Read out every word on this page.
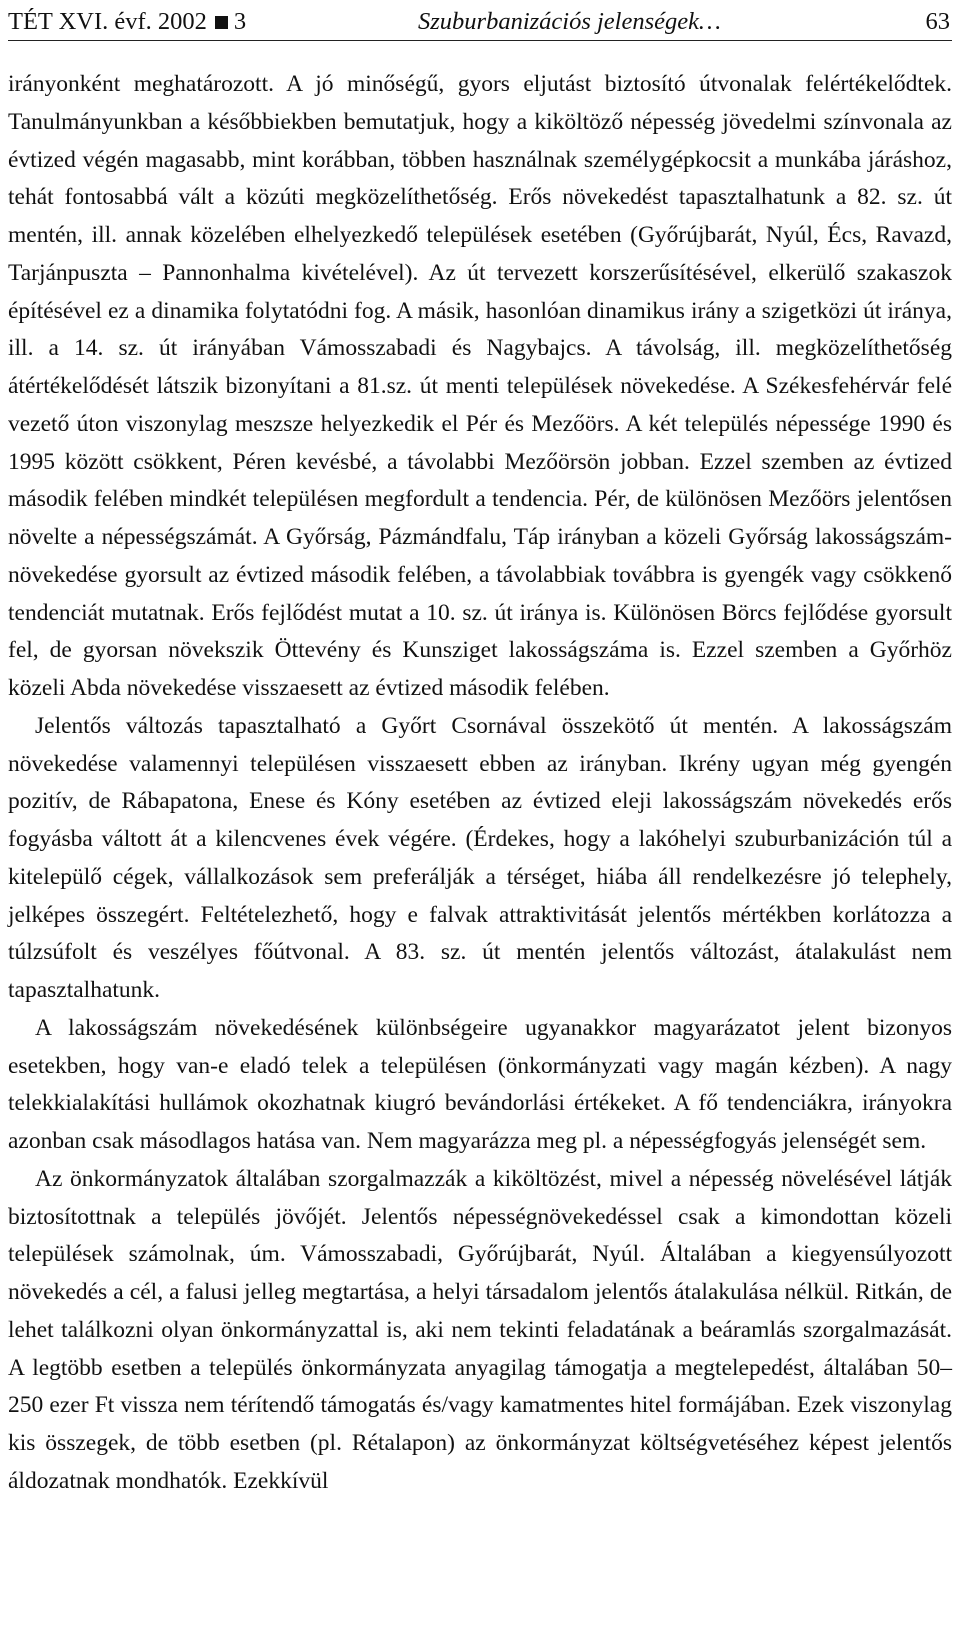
TÉT XVI. évf. 2002 3	Szuburbanizációs jelenségek…	63

irányonként meghatározott. A jó minőségű, gyors eljutást biztosító útvonalak felértékelődtek. Tanulmányunkban a későbbiekben bemutatjuk, hogy a kiköltöző népesség jövedelmi színvonala az évtized végén magasabb, mint korábban, többen használnak személygépkocsit a munkába járáshoz, tehát fontosabbá vált a közúti megközelíthetőség. Erős növekedést tapasztalhatunk a 82. sz. út mentén, ill. annak közelében elhelyezkedő települések esetében (Győrújbarát, Nyúl, Écs, Ravazd, Tarjánpuszta – Pannonhalma kivételével). Az út tervezett korszerűsítésével, elkerülő szakaszok építésével ez a dinamika folytatódni fog. A másik, hasonlóan dinamikus irány a szigetközi út iránya, ill. a 14. sz. út irányában Vámosszabadi és Nagybajcs. A távolság, ill. megközelíthetőség átértékelődését látszik bizonyítani a 81.sz. út menti települések növekedése. A Székesfehérvár felé vezető úton viszonylag meszsze helyezkedik el Pér és Mezőörs. A két település népessége 1990 és 1995 között csökkent, Péren kevésbé, a távolabbi Mezőörsön jobban. Ezzel szemben az évtized második felében mindkét településen megfordult a tendencia. Pér, de különösen Mezőörs jelentősen növelte a népességszámát. A Győrság, Pázmándfalu, Táp irányban a közeli Győrság lakosságszám-növekedése gyorsult az évtized második felében, a távolabbiak továbbra is gyengék vagy csökkenő tendenciát mutatnak. Erős fejlődést mutat a 10. sz. út iránya is. Különösen Börcs fejlődése gyorsult fel, de gyorsan növekszik Öttevény és Kunsziget lakosságszáma is. Ezzel szemben a Győrhöz közeli Abda növekedése visszaesett az évtized második felében.

Jelentős változás tapasztalható a Győrt Csornával összekötő út mentén. A lakosságszám növekedése valamennyi településen visszaesett ebben az irányban. Ikrény ugyan még gyengén pozitív, de Rábapatona, Enese és Kóny esetében az évtized eleji lakosságszám növekedés erős fogyásba váltott át a kilencvenes évek végére. (Érdekes, hogy a lakóhelyi szuburbanizáción túl a kitelepülő cégek, vállalkozások sem preferálják a térséget, hiába áll rendelkezésre jó telephely, jelképes összegért. Feltételezhető, hogy e falvak attraktivitását jelentős mértékben korlátozza a túlzsúfolt és veszélyes főútvonal. A 83. sz. út mentén jelentős változást, átalakulást nem tapasztalhatunk.

A lakosságszám növekedésének különbségeire ugyanakkor magyarázatot jelent bizonyos esetekben, hogy van-e eladó telek a településen (önkormányzati vagy magán kézben). A nagy telekkialakítási hullámok okozhatnak kiugró bevándorlási értékeket. A fő tendenciákra, irányokra azonban csak másodlagos hatása van. Nem magyarázza meg pl. a népességfogyás jelenségét sem.

Az önkormányzatok általában szorgalmazzák a kiköltözést, mivel a népesség növelésével látják biztosítottnak a település jövőjét. Jelentős népességnövekedéssel csak a kimondottan közeli települések számolnak, úm. Vámosszabadi, Győrújbarát, Nyúl. Általában a kiegyensúlyozott növekedés a cél, a falusi jelleg megtartása, a helyi társadalom jelentős átalakulása nélkül. Ritkán, de lehet találkozni olyan önkormányzattal is, aki nem tekinti feladatának a beáramlás szorgalmazását. A legtöbb esetben a település önkormányzata anyagilag támogatja a megtelepedést, általában 50–250 ezer Ft vissza nem térítendő támogatás és/vagy kamatmentes hitel formájában. Ezek viszonylag kis összegek, de több esetben (pl. Rétalapon) az önkormányzat költségvetéséhez képest jelentős áldozatnak mondhatók. Ezekkívül
